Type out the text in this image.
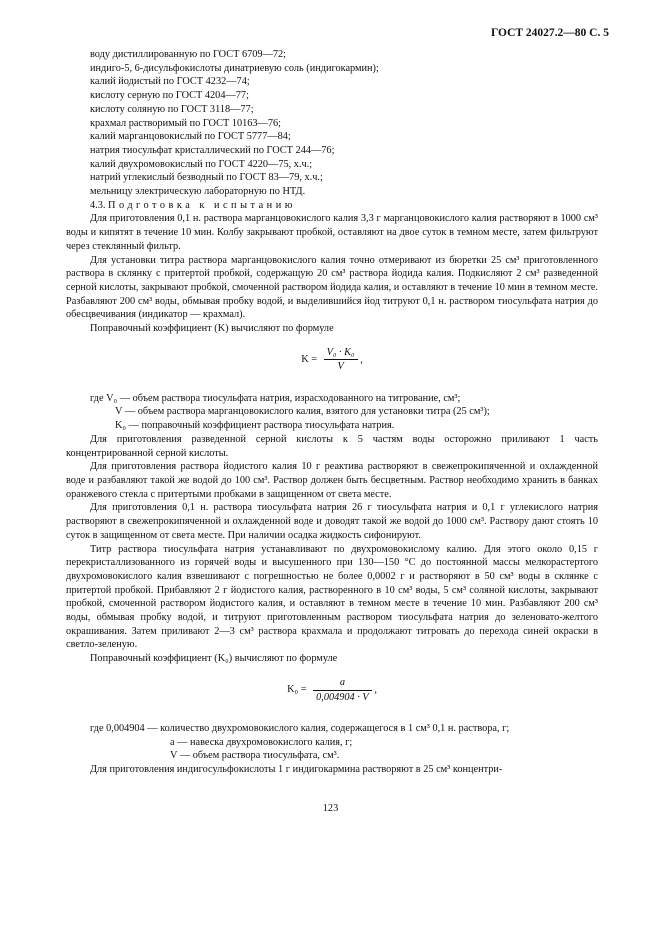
ГОСТ 24027.2—80 С. 5
воду дистиллированную по ГОСТ 6709—72;
индиго-5, 6-дисульфокислоты динатриевую соль (индигокармин);
калий йодистый по ГОСТ 4232—74;
кислоту серную по ГОСТ 4204—77;
кислоту соляную по ГОСТ 3118—77;
крахмал растворимый по ГОСТ 10163—76;
калий марганцовокислый по ГОСТ 5777—84;
натрия тиосульфат кристаллический по ГОСТ 244—76;
калий двухромовокислый по ГОСТ 4220—75, х.ч.;
натрий углекислый безводный по ГОСТ 83—79, х.ч.;
мельницу электрическую лабораторную по НТД.
4.3. Подготовка к испытанию

Для приготовления 0,1 н. раствора марганцовокислого калия 3,3 г марганцовокислого калия растворяют в 1000 см³ воды и кипятят в течение 10 мин. Колбу закрывают пробкой, оставляют на двое суток в темном месте, затем фильтруют через стеклянный фильтр.

Для установки титра раствора марганцовокислого калия точно отмеривают из бюретки 25 см³ приготовленного раствора в склянку с притертой пробкой, содержащую 20 см³ раствора йодида калия. Подкисляют 2 см³ разведенной серной кислоты, закрывают пробкой, смоченной раствором йодида калия, и оставляют в течение 10 мин в темном месте. Разбавляют 200 см³ воды, обмывая пробку водой, и выделившийся йод титруют 0,1 н. раствором тиосульфата натрия до обесцвечивания (индикатор — крахмал).

Поправочный коэффициент (K) вычисляют по формуле

$K = \frac{\text{V₀ · K₀}}{V}$ ,
где V₀ — объем раствора тиосульфата натрия, израсходованного на титрование, см³;
V — объем раствора марганцовокислого калия, взятого для установки титра (25 см³);
K₀ — поправочный коэффициент раствора тиосульфата натрия.

Для приготовления разведенной серной кислоты к 5 частям воды осторожно приливают 1 часть концентрированной серной кислоты.

Для приготовления раствора йодистого калия 10 г реактива растворяют в свежепрокипяченной и охлажденной воде и разбавляют такой же водой до 100 см³. Раствор должен быть бесцветным. Раствор необходимо хранить в банках оранжевого стекла с притертыми пробками в защищенном от света месте.

Для приготовления 0,1 н. раствора тиосульфата натрия 26 г тиосульфата натрия и 0,1 г углекислого натрия растворяют в свежепрокипяченной и охлажденной воде и доводят такой же водой до 1000 см³. Раствору дают стоять 10 суток в защищенном от света месте. При наличии осадка жидкость сифонируют.

Титр раствора тиосульфата натрия устанавливают по двухромовокислому калию. Для этого около 0,15 г перекристаллизованного из горячей воды и высушенного при 130—150 °С до постоянной массы мелкорастертого двухромовокислого калия взвешивают с погрешностью не более 0,0002 г и растворяют в 50 см³ воды в склянке с притертой пробкой. Прибавляют 2 г йодистого калия, растворенного в 10 см³ воды, 5 см³ соляной кислоты, закрывают пробкой, смоченной раствором йодистого калия, и оставляют в темном месте в течение 10 мин. Разбавляют 200 см³ воды, обмывая пробку водой, и титруют приготовленным раствором тиосульфата натрия до зеленовато-желтого окрашивания. Затем приливают 2—3 см³ раствора крахмала и продолжают титровать до перехода синей окраски в светло-зеленую.

Поправочный коэффициент (K₀) вычисляют по формуле

$K_0 = \frac{a}{0,004904 \cdot V}$ ,
где 0,004904 — количество двухромовокислого калия, содержащегося в 1 см³ 0,1 н. раствора, г;
a — навеска двухромовокислого калия, г;
V — объем раствора тиосульфата, см³.

Для приготовления индигосульфокислоты 1 г индигокармина растворяют в 25 см³ концентри-

123
